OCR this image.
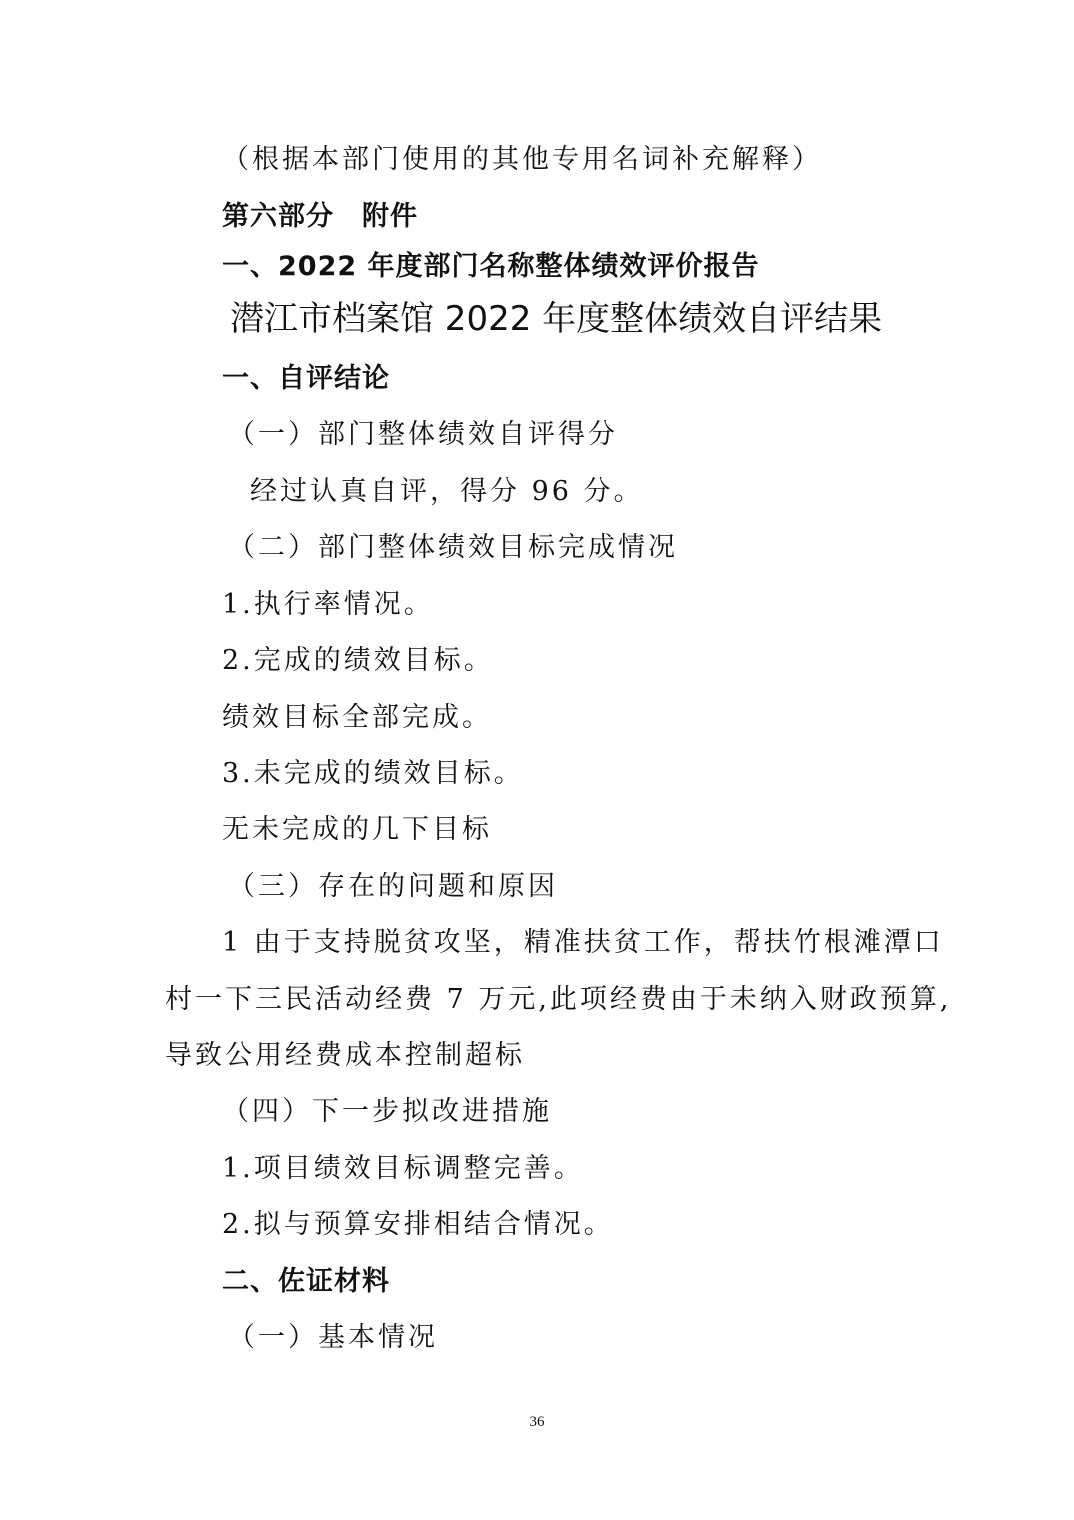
（根据本部门使用的其他专用名词补充解释）
第六部分　附件
一、2022 年度部门名称整体绩效评价报告
潜江市档案馆 2022 年度整体绩效自评结果
一、自评结论
（一）部门整体绩效自评得分
经过认真自评，得分 96 分。
（二）部门整体绩效目标完成情况
1.执行率情况。
2.完成的绩效目标。
绩效目标全部完成。
3.未完成的绩效目标。
无未完成的几下目标
（三）存在的问题和原因
1 由于支持脱贫攻坚，精准扶贫工作，帮扶竹根滩潭口
村一下三民活动经费 7 万元,此项经费由于未纳入财政预算,
导致公用经费成本控制超标
（四）下一步拟改进措施
1.项目绩效目标调整完善。
2.拟与预算安排相结合情况。
二、佐证材料
（一）基本情况
36
